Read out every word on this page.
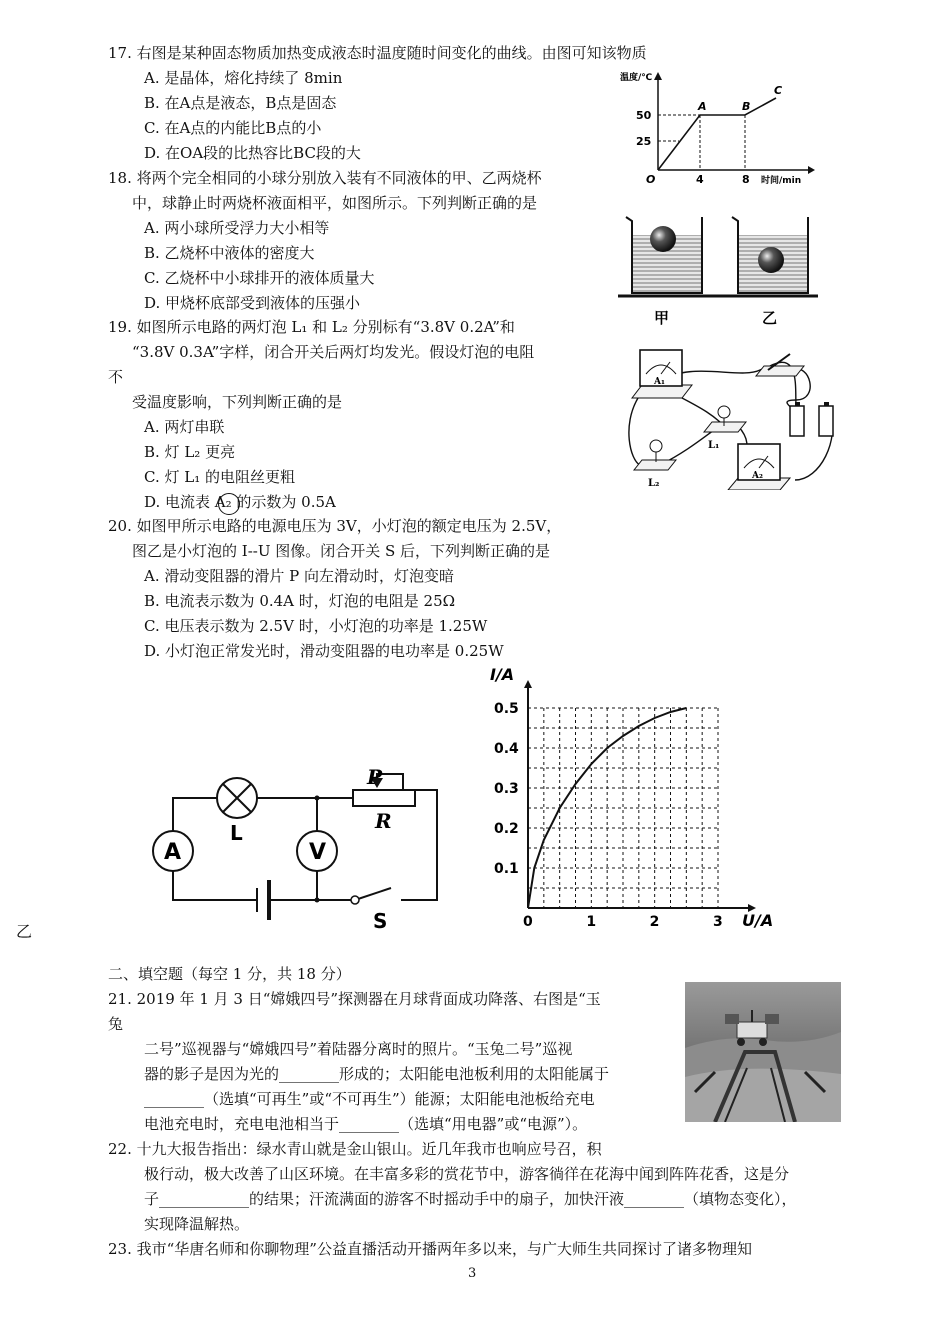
17. 右图是某种固态物质加热变成液态时温度随时间变化的曲线。由图可知该物质
A. 是晶体，熔化持续了 8min
B. 在A点是液态，B点是固态
C. 在A点的内能比B点的小
D. 在OA段的比热容比BC段的大
温度/℃
时间/min
50
25
4	8
O
A	B
C
18. 将两个完全相同的小球分别放入装有不同液体的甲、乙两烧杯
中，球静止时两烧杯液面相平，如图所示。下列判断正确的是
A. 两小球所受浮力大小相等
B. 乙烧杯中液体的密度大
C. 乙烧杯中小球排开的液体质量大
D. 甲烧杯底部受到液体的压强小
甲	乙
19. 如图所示电路的两灯泡 L₁ 和 L₂ 分别标有“3.8V 0.2A”和
“3.8V 0.3A”字样，闭合开关后两灯均发光。假设灯泡的电阻
不
受温度影响，下列判断正确的是
A. 两灯串联
B. 灯 L₂ 更亮
C. 灯 L₁ 的电阻丝更粗
D. 电流表 A₂ 的示数为 0.5A
A₁
A₂
L₁
L₂
20. 如图甲所示电路的电源电压为 3V，小灯泡的额定电压为 2.5V，
图乙是小灯泡的 I--U 图像。闭合开关 S 后，下列判断正确的是
A. 滑动变阻器的滑片 P 向左滑动时，灯泡变暗
B. 电流表示数为 0.4A 时，灯泡的电阻是 25Ω
C. 电压表示数为 2.5V 时，小灯泡的功率是 1.25W
D. 小灯泡正常发光时，滑动变阻器的电功率是 0.25W
A	V
L
P
R
S	0	1	2	3
0.1
0.2
0.3
0.4
0.5
I/A
U/A
乙
二、填空题（每空 1 分，共 18 分）
21. 2019 年 1 月 3 日“嫦娥四号”探测器在月球背面成功降落、右图是“玉
兔
二号”巡视器与“嫦娥四号”着陆器分离时的照片。“玉兔二号”巡视
器的影子是因为光的________形成的；太阳能电池板利用的太阳能属于
________（选填“可再生”或“不可再生”）能源；太阳能电池板给充电
电池充电时，充电电池相当于________（选填“用电器”或“电源”）。
22. 十九大报告指出：绿水青山就是金山银山。近几年我市也响应号召，积
极行动，极大改善了山区环境。在丰富多彩的赏花节中，游客徜徉在花海中闻到阵阵花香，这是分
子____________的结果；汗流满面的游客不时摇动手中的扇子，加快汗液________（填物态变化），
实现降温解热。
23. 我市“华唐名师和你聊物理”公益直播活动开播两年多以来，与广大师生共同探讨了诸多物理知
3
